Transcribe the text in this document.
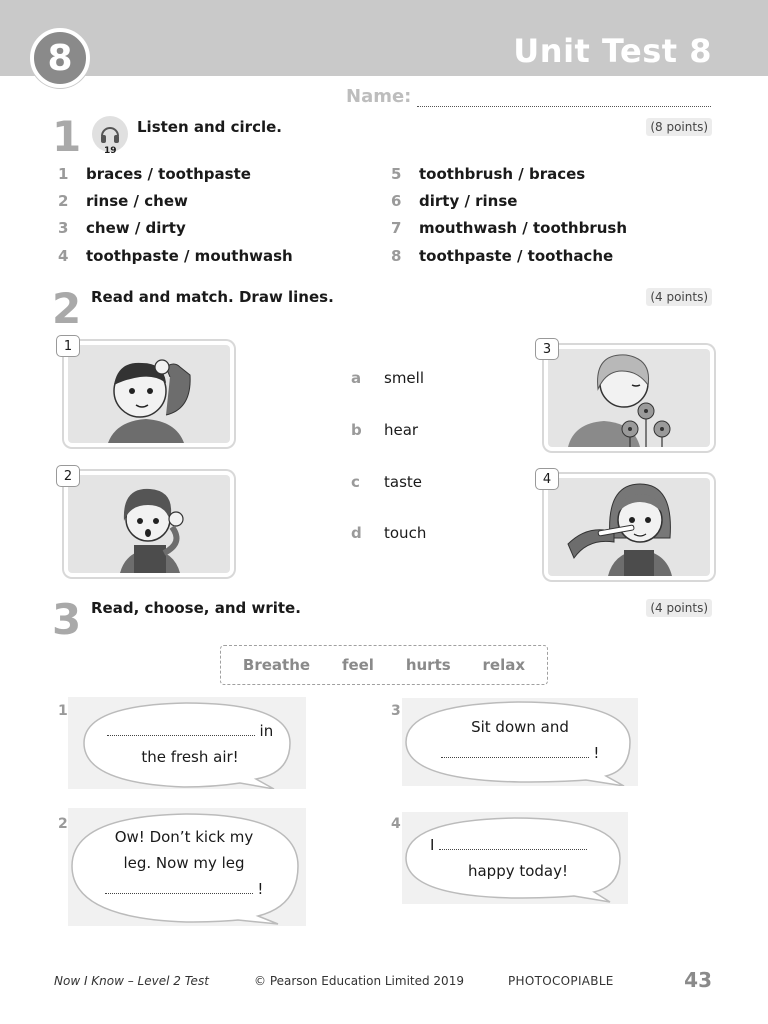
8	Unit Test 8
Name:
1	19
Listen and circle.	(8 points)
1	braces / toothpaste
2	rinse / chew
3	chew / dirty
4	toothpaste / mouthwash
5	toothbrush / braces
6	dirty / rinse
7	mouthwash / toothbrush
8	toothpaste / toothache
2 Read and match. Draw lines.	(4 points)
1
2
3
4
a	smell
b	hear
c	taste
d	touch
3 Read, choose, and write.	(4 points)
Breathe feel hurts relax
1
in
the fresh air!
2
Ow! Don’t kick my
leg. Now my leg
!
3
Sit down and
!
4
I
happy today!
Now I Know – Level 2 Test	© Pearson Education Limited 2019	PHOTOCOPIABLE	43
